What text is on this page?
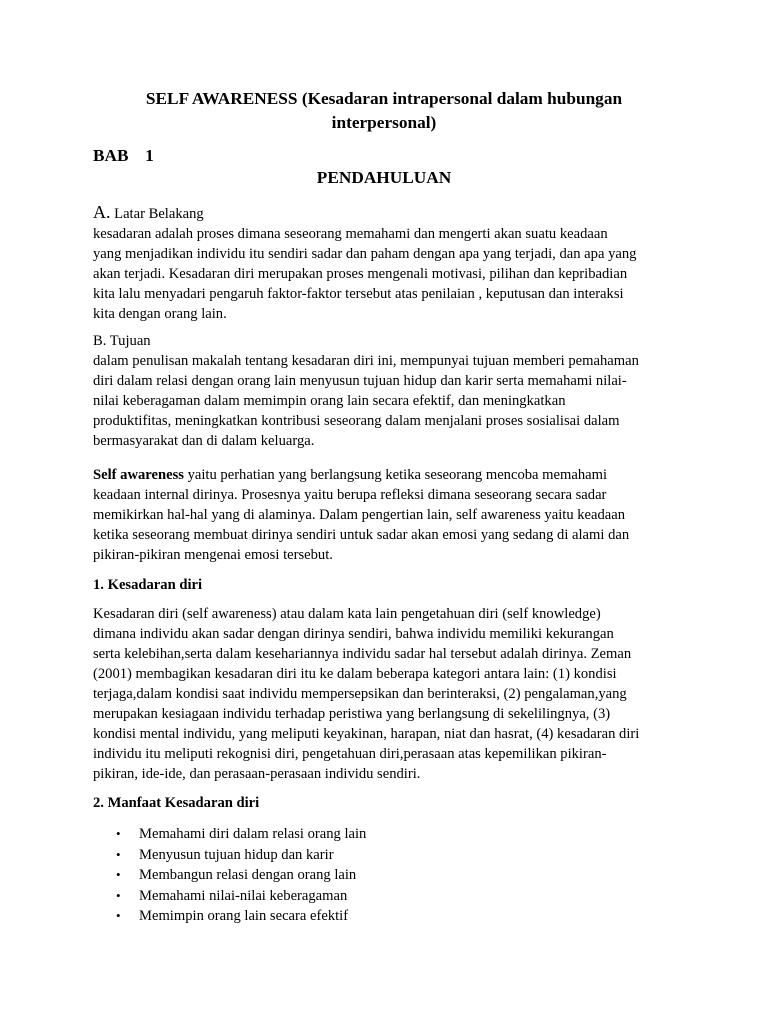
SELF AWARENESS (Kesadaran intrapersonal dalam hubungan
interpersonal)
BAB  1
PENDAHULUAN
A. Latar Belakang
kesadaran adalah proses dimana seseorang memahami dan mengerti akan suatu keadaan
yang menjadikan individu itu sendiri sadar dan paham dengan apa yang terjadi, dan apa yang
akan terjadi. Kesadaran diri merupakan proses mengenali motivasi, pilihan dan kepribadian
kita lalu menyadari pengaruh faktor-faktor tersebut atas penilaian , keputusan dan interaksi
kita dengan orang lain.
B. Tujuan
dalam penulisan makalah tentang kesadaran diri ini, mempunyai tujuan memberi pemahaman
diri dalam relasi dengan orang lain menyusun tujuan hidup dan karir serta memahami nilai-
nilai keberagaman dalam memimpin orang lain secara efektif, dan meningkatkan
produktifitas, meningkatkan kontribusi seseorang dalam menjalani proses sosialisai dalam
bermasyarakat dan di dalam keluarga.
Self awareness yaitu perhatian yang berlangsung ketika seseorang mencoba memahami
keadaan internal dirinya. Prosesnya yaitu berupa refleksi dimana seseorang secara sadar
memikirkan hal-hal yang di alaminya. Dalam pengertian lain, self awareness yaitu keadaan
ketika seseorang membuat dirinya sendiri untuk sadar akan emosi yang sedang di alami dan
pikiran-pikiran mengenai emosi tersebut.
1. Kesadaran diri
Kesadaran diri (self awareness) atau dalam kata lain pengetahuan diri (self knowledge)
dimana individu akan sadar dengan dirinya sendiri, bahwa individu memiliki kekurangan
serta kelebihan,serta dalam kesehariannya individu sadar hal tersebut adalah dirinya. Zeman
(2001) membagikan kesadaran diri itu ke dalam beberapa kategori antara lain: (1) kondisi
terjaga,dalam kondisi saat individu mempersepsikan dan berinteraksi, (2) pengalaman,yang
merupakan kesiagaan individu terhadap peristiwa yang berlangsung di sekelilingnya, (3)
kondisi mental individu, yang meliputi keyakinan, harapan, niat dan hasrat, (4) kesadaran diri
individu itu meliputi rekognisi diri, pengetahuan diri,perasaan atas kepemilikan pikiran-
pikiran, ide-ide, dan perasaan-perasaan individu sendiri.
2. Manfaat Kesadaran diri
• Memahami diri dalam relasi orang lain
• Menyusun tujuan hidup dan karir
• Membangun relasi dengan orang lain
• Memahami nilai-nilai keberagaman
• Memimpin orang lain secara efektif
